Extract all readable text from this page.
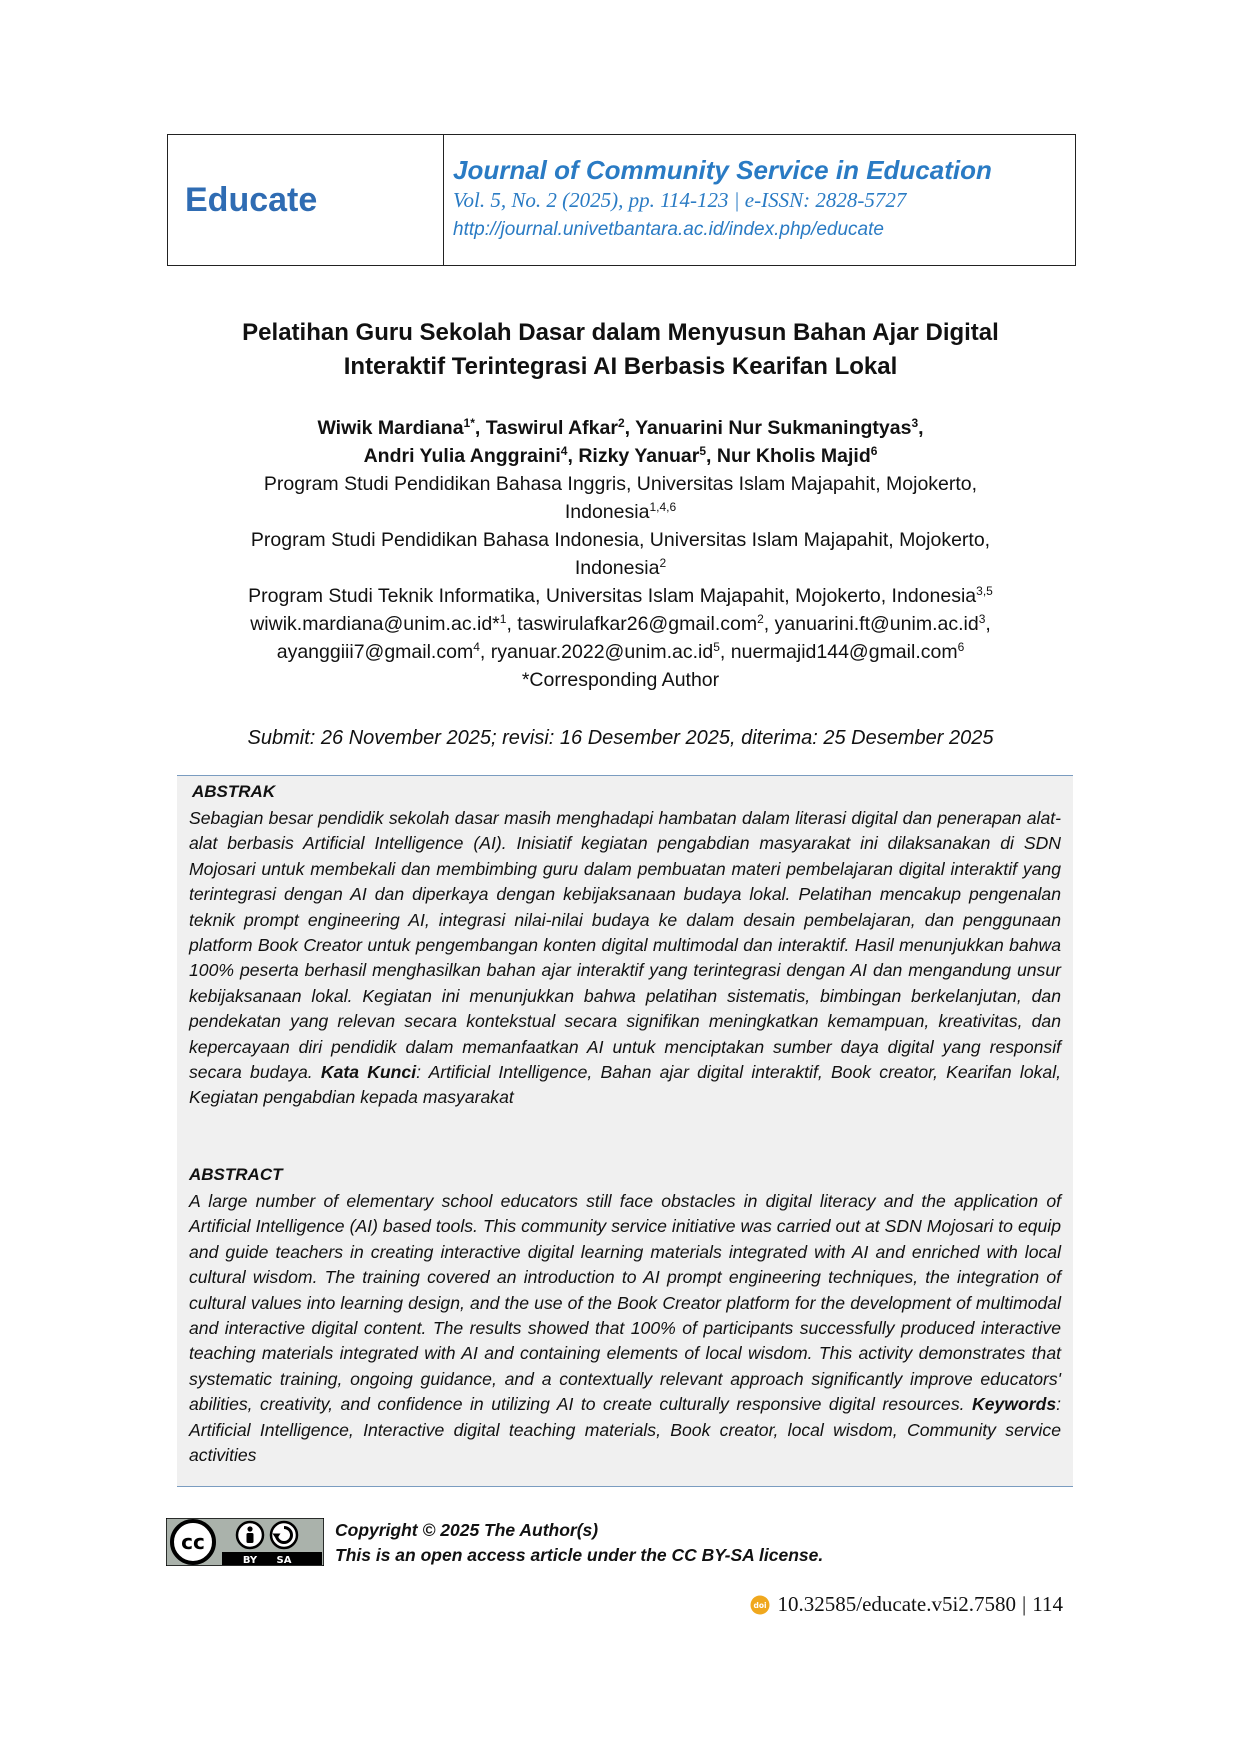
Educate
Journal of Community Service in Education
Vol. 5, No. 2 (2025), pp. 114-123 | e-ISSN: 2828-5727
http://journal.univetbantara.ac.id/index.php/educate
Pelatihan Guru Sekolah Dasar dalam Menyusun Bahan Ajar Digital
Interaktif Terintegrasi AI Berbasis Kearifan Lokal
Wiwik Mardiana$^{1*}$, Taswirul Afkar$^2$, Yanuarini Nur Sukmaningtyas$^3$,
Andri Yulia Anggraini$^4$, Rizky Yanuar$^5$, Nur Kholis Majid$^6$
Program Studi Pendidikan Bahasa Inggris, Universitas Islam Majapahit, Mojokerto,
Indonesia$^{1,4,6}$
Program Studi Pendidikan Bahasa Indonesia, Universitas Islam Majapahit, Mojokerto,
Indonesia$^2$
Program Studi Teknik Informatika, Universitas Islam Majapahit, Mojokerto, Indonesia$^{3,5}$
wiwik.mardiana@unim.ac.id*$^1$, taswirulafkar26@gmail.com$^2$, $yanuarini.ft@unim.ac.id^3$,
ayanggiii7@gmail.com$^4$, $ryanuar.2022@unim.ac.id^5$, nuermajid144@gmail.com$^6$
*Corresponding Author
Submit: 26 November 2025; revisi: 16 Desember 2025, diterima: 25 Desember 2025
ABSTRAK

Sebagian besar pendidik sekolah dasar masih menghadapi hambatan dalam literasi digital dan penerapan alat-alat berbasis Artificial Intelligence (AI). Inisiatif kegiatan pengabdian masyarakat ini dilaksanakan di SDN Mojosari untuk membekali dan membimbing guru dalam pembuatan materi pembelajaran digital interaktif yang terintegrasi dengan AI dan diperkaya dengan kebijaksanaan budaya lokal. Pelatihan mencakup pengenalan teknik prompt engineering AI, integrasi nilai-nilai budaya ke dalam desain pembelajaran, dan penggunaan platform Book Creator untuk pengembangan konten digital multimodal dan interaktif. Hasil menunjukkan bahwa 100% peserta berhasil menghasilkan bahan ajar interaktif yang terintegrasi dengan AI dan mengandung unsur kebijaksanaan lokal. Kegiatan ini menunjukkan bahwa pelatihan sistematis, bimbingan berkelanjutan, dan pendekatan yang relevan secara kontekstual secara signifikan meningkatkan kemampuan, kreativitas, dan kepercayaan diri pendidik dalam memanfaatkan AI untuk menciptakan sumber daya digital yang responsif secara budaya. Kata Kunci: Artificial Intelligence, Bahan ajar digital interaktif, Book creator, Kearifan lokal, Kegiatan pengabdian kepada masyarakat

ABSTRACT

A large number of elementary school educators still face obstacles in digital literacy and the application of Artificial Intelligence (AI) based tools. This community service initiative was carried out at SDN Mojosari to equip and guide teachers in creating interactive digital learning materials integrated with AI and enriched with local cultural wisdom. The training covered an introduction to AI prompt engineering techniques, the integration of cultural values into learning design, and the use of the Book Creator platform for the development of multimodal and interactive digital content. The results showed that 100% of participants successfully produced interactive teaching materials integrated with AI and containing elements of local wisdom. This activity demonstrates that systematic training, ongoing guidance, and a contextually relevant approach significantly improve educators' abilities, creativity, and confidence in utilizing AI to create culturally responsive digital resources. Keywords: Artificial Intelligence, Interactive digital teaching materials, Book creator, local wisdom, Community service activities

cc
BY SA
Copyright © 2025 The Author(s)
This is an open access article under the CC BY-SA license.
doi 10.32585/educate.v5i2.7580 | 114
